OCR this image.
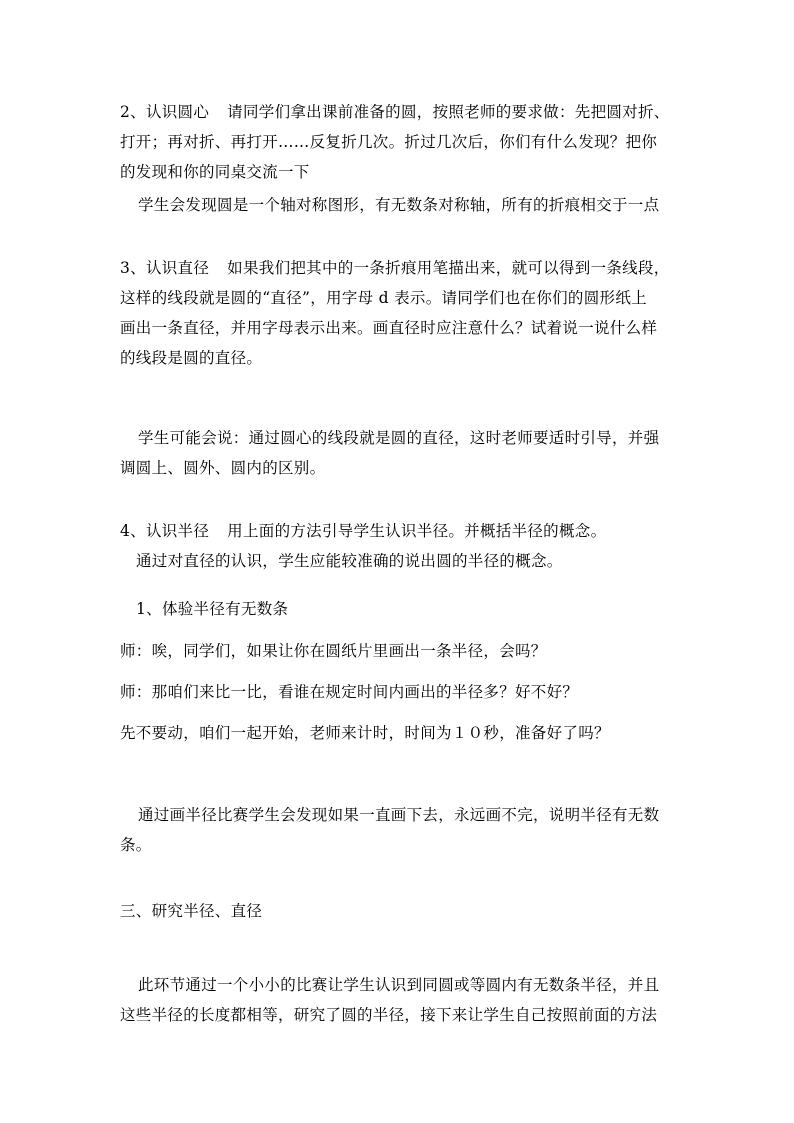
2、认识圆心 请同学们拿出课前准备的圆，按照老师的要求做：先把圆对折、
打开；再对折、再打开……反复折几次。折过几次后，你们有什么发现？把你
的发现和你的同桌交流一下
学生会发现圆是一个轴对称图形，有无数条对称轴，所有的折痕相交于一点
3、认识直径 如果我们把其中的一条折痕用笔描出来，就可以得到一条线段，
这样的线段就是圆的“直径”，用字母 d 表示。请同学们也在你们的圆形纸上
画出一条直径，并用字母表示出来。画直径时应注意什么？试着说一说什么样
的线段是圆的直径。
学生可能会说：通过圆心的线段就是圆的直径，这时老师要适时引导，并强
调圆上、圆外、圆内的区别。
4、认识半径 用上面的方法引导学生认识半径。并概括半径的概念。
通过对直径的认识，学生应能较准确的说出圆的半径的概念。
1、体验半径有无数条
师：唉，同学们，如果让你在圆纸片里画出一条半径，会吗？
师：那咱们来比一比，看谁在规定时间内画出的半径多？好不好？
先不要动，咱们一起开始，老师来计时，时间为１０秒，准备好了吗？
通过画半径比赛学生会发现如果一直画下去，永远画不完，说明半径有无数
条。
三、研究半径、直径
此环节通过一个小小的比赛让学生认识到同圆或等圆内有无数条半径，并且
这些半径的长度都相等，研究了圆的半径，接下来让学生自己按照前面的方法
